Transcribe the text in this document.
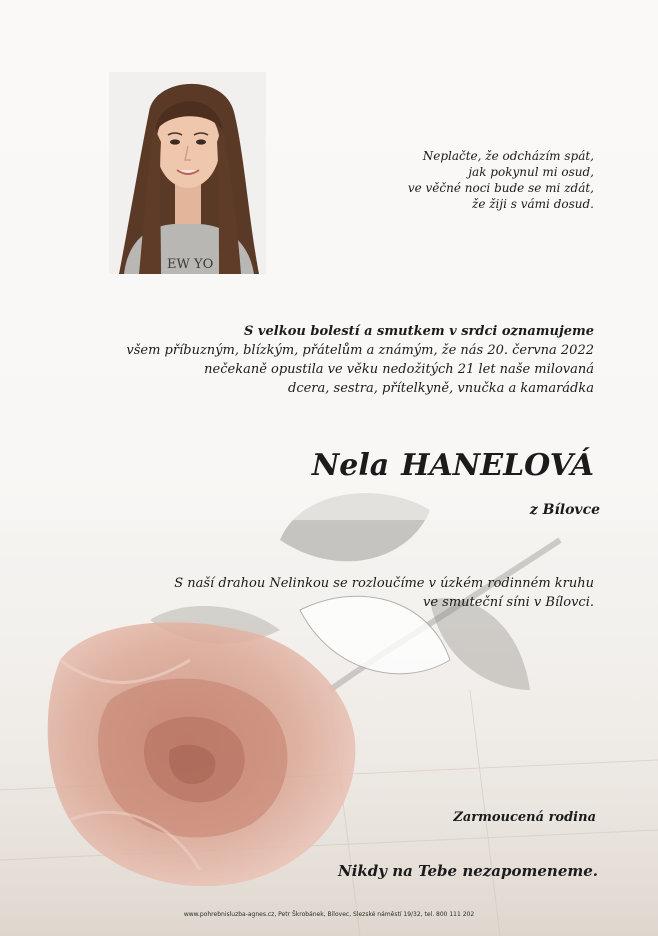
EW YO
Neplačte, že odcházím spát,
jak pokynul mi osud,
ve věčné noci bude se mi zdát,
že žiji s vámi dosud.
S velkou bolestí a smutkem v srdci oznamujeme
všem příbuzným, blízkým, přátelům a známým, že nás 20. června 2022
nečekaně opustila ve věku nedožitých 21 let naše milovaná
dcera, sestra, přítelkyně, vnučka a kamarádka
Nela HANELOVÁ
z Bílovce
S naší drahou Nelinkou se rozloučíme v úzkém rodinném kruhu
ve smuteční síni v Bílovci.
Zarmoucená rodina
Nikdy na Tebe nezapomeneme.
www.pohrebnisluzba-agnes.cz, Petr Škrobánek, Bílovec, Slezské náměstí 19/32, tel. 800 111 202
